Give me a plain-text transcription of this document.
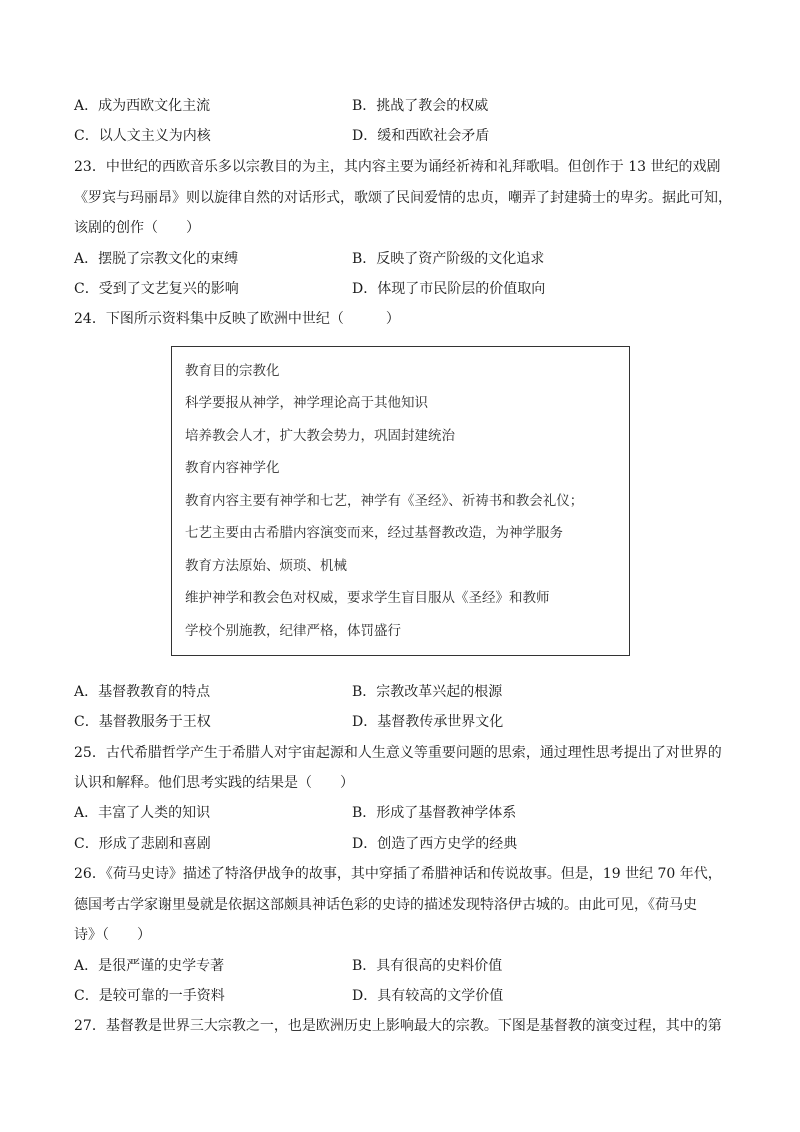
A．成为西欧文化主流	B．挑战了教会的权威
C．以人文主义为内核	D．缓和西欧社会矛盾
23．中世纪的西欧音乐多以宗教目的为主，其内容主要为诵经祈祷和礼拜歌唱。但创作于 13 世纪的戏剧
《罗宾与玛丽昂》则以旋律自然的对话形式，歌颂了民间爱情的忠贞，嘲弄了封建骑士的卑劣。据此可知，
该剧的创作（　　）
A．摆脱了宗教文化的束缚	B．反映了资产阶级的文化追求
C．受到了文艺复兴的影响	D．体现了市民阶层的价值取向
24．下图所示资料集中反映了欧洲中世纪（　　　）
教育目的宗教化
科学要报从神学，神学理论高于其他知识
培养教会人才，扩大教会势力，巩固封建统治
教育内容神学化
教育内容主要有神学和七艺，神学有《圣经》、祈祷书和教会礼仪；
七艺主要由古希腊内容演变而来，经过基督教改造，为神学服务
教育方法原始、烦琐、机械
维护神学和教会色对权威，要求学生盲目服从《圣经》和教师
学校个别施教，纪律严格，体罚盛行
A．基督教教育的特点	B．宗教改革兴起的根源
C．基督教服务于王权	D．基督教传承世界文化
25．古代希腊哲学产生于希腊人对宇宙起源和人生意义等重要问题的思索，通过理性思考提出了对世界的
认识和解释。他们思考实践的结果是（　　）
A．丰富了人类的知识	B．形成了基督教神学体系
C．形成了悲剧和喜剧	D．创造了西方史学的经典
26．《荷马史诗》描述了特洛伊战争的故事，其中穿插了希腊神话和传说故事。但是，19 世纪 70 年代，
德国考古学家谢里曼就是依据这部颇具神话色彩的史诗的描述发现特洛伊古城的。由此可见，《荷马史
诗》（　　）
A．是很严谨的史学专著	B．具有很高的史料价值
C．是较可靠的一手资料	D．具有较高的文学价值
27．基督教是世界三大宗教之一，也是欧洲历史上影响最大的宗教。下图是基督教的演变过程，其中的第
